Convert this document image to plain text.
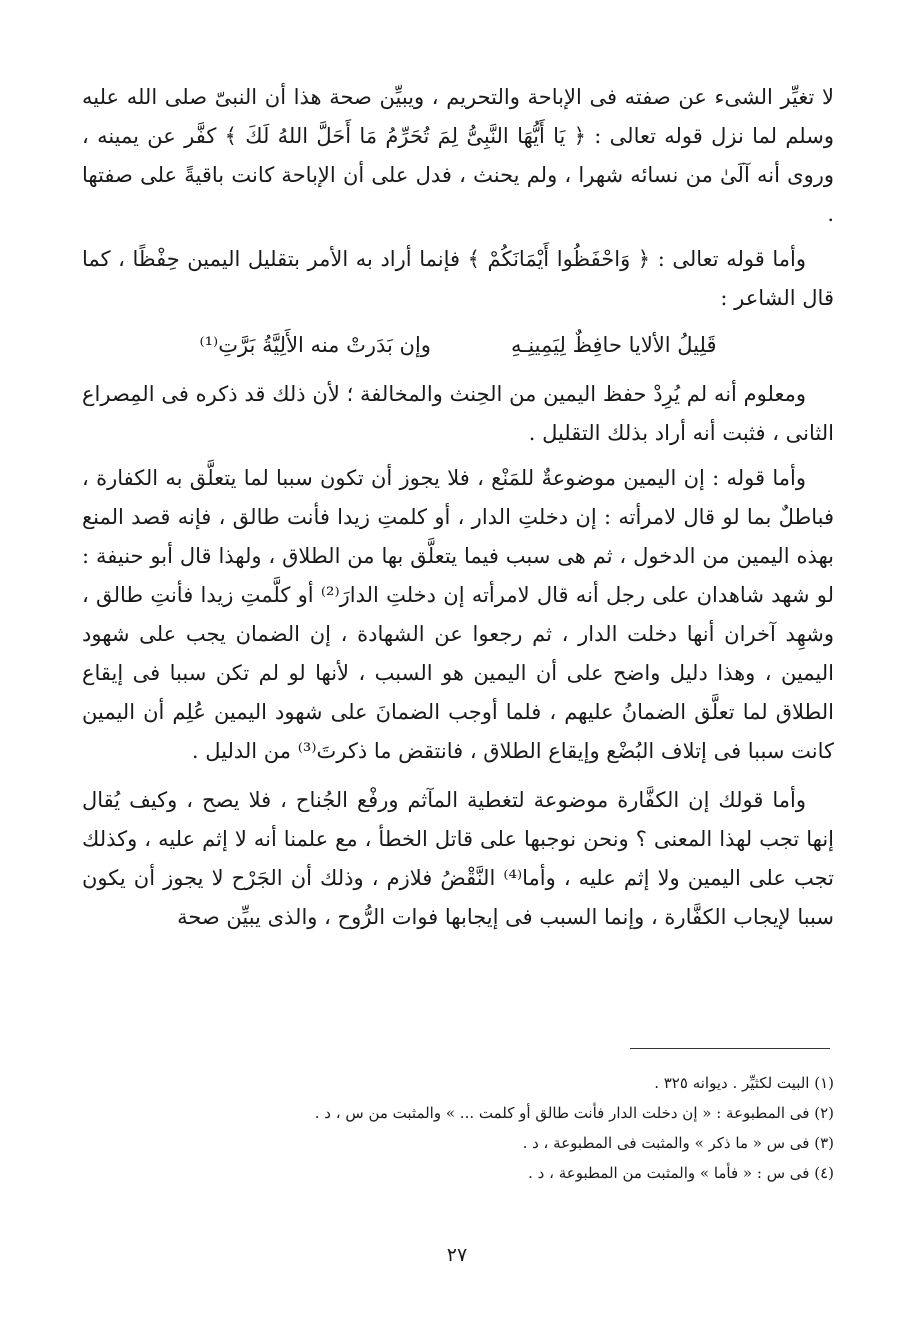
لا تغيِّر الشىء عن صفته فى الإباحة والتحريم ، ويبيِّن صحة هذا أن النبىّ صلى الله عليه وسلم لما نزل قوله تعالى : ﴿ يَا أَيُّهَا النَّبِىُّ لِمَ تُحَرِّمُ مَا أَحَلَّ اللهُ لَكَ ﴾ كفَّر عن يمينه ، وروى أنه آلَىٰ من نسائه شهرا ، ولم يحنث ، فدل على أن الإباحة كانت باقيةً على صفتها .

وأما قوله تعالى : ﴿ وَاحْفَظُوا أَيْمَانَكُمْ ﴾ فإنما أراد به الأمر بتقليل اليمين حِفْظًا ، كما قال الشاعر :

قَلِيلُ الألايا حافِظٌ لِيَمِينِـهِ
وإن بَدَرتْ منه الأَلِيَّةُ بَرَّتِ⁽¹⁾

ومعلوم أنه لم يُرِدْ حفظ اليمين من الحِنث والمخالفة ؛ لأن ذلك قد ذكره فى المِصراع الثانى ، فثبت أنه أراد بذلك التقليل .

وأما قوله : إن اليمين موضوعةٌ للمَنْع ، فلا يجوز أن تكون سببا لما يتعلَّق به الكفارة ، فباطلٌ بما لو قال لامرأته : إن دخلتِ الدار ، أو كلمتِ زيدا فأنت طالق ، فإنه قصد المنع بهذه اليمين من الدخول ، ثم هى سبب فيما يتعلَّق بها من الطلاق ، ولهذا قال أبو حنيفة : لو شهد شاهدان على رجل أنه قال لامرأته إن دخلتِ الدارَ⁽²⁾ أو كلَّمتِ زيدا فأنتِ طالق ، وشهِد آخران أنها دخلت الدار ، ثم رجعوا عن الشهادة ، إن الضمان يجب على شهود اليمين ، وهذا دليل واضح على أن اليمين هو السبب ، لأنها لو لم تكن سببا فى إيقاع الطلاق لما تعلَّق الضمانُ عليهم ، فلما أوجب الضمانَ على شهود اليمين عُلِم أن اليمين كانت سببا فى إتلاف البُضْع وإيقاع الطلاق ، فانتقض ما ذكرتَ⁽³⁾ من الدليل .

وأما قولك إن الكفَّارة موضوعة لتغطية المآثم ورفْع الجُناح ، فلا يصح ، وكيف يُقال إنها تجب لهذا المعنى ؟ ونحن نوجبها على قاتل الخطأ ، مع علمنا أنه لا إثم عليه ، وكذلك تجب على اليمين ولا إثم عليه ، وأما⁽⁴⁾ النَّقْضُ فلازم ، وذلك أن الجَرْح لا يجوز أن يكون سببا لإيجاب الكفَّارة ، وإنما السبب فى إيجابها فوات الرُّوح ، والذى يبيِّن صحة

(١) البيت لكثيِّر . ديوانه ٣٢٥ .

(٢) فى المطبوعة : « إن دخلت الدار فأنت طالق أو كلمت ... » والمثبت من س ، د .

(٣) فى س « ما ذكر » والمثبت فى المطبوعة ، د .

(٤) فى س : « فأما » والمثبت من المطبوعة ، د .

٢٧
